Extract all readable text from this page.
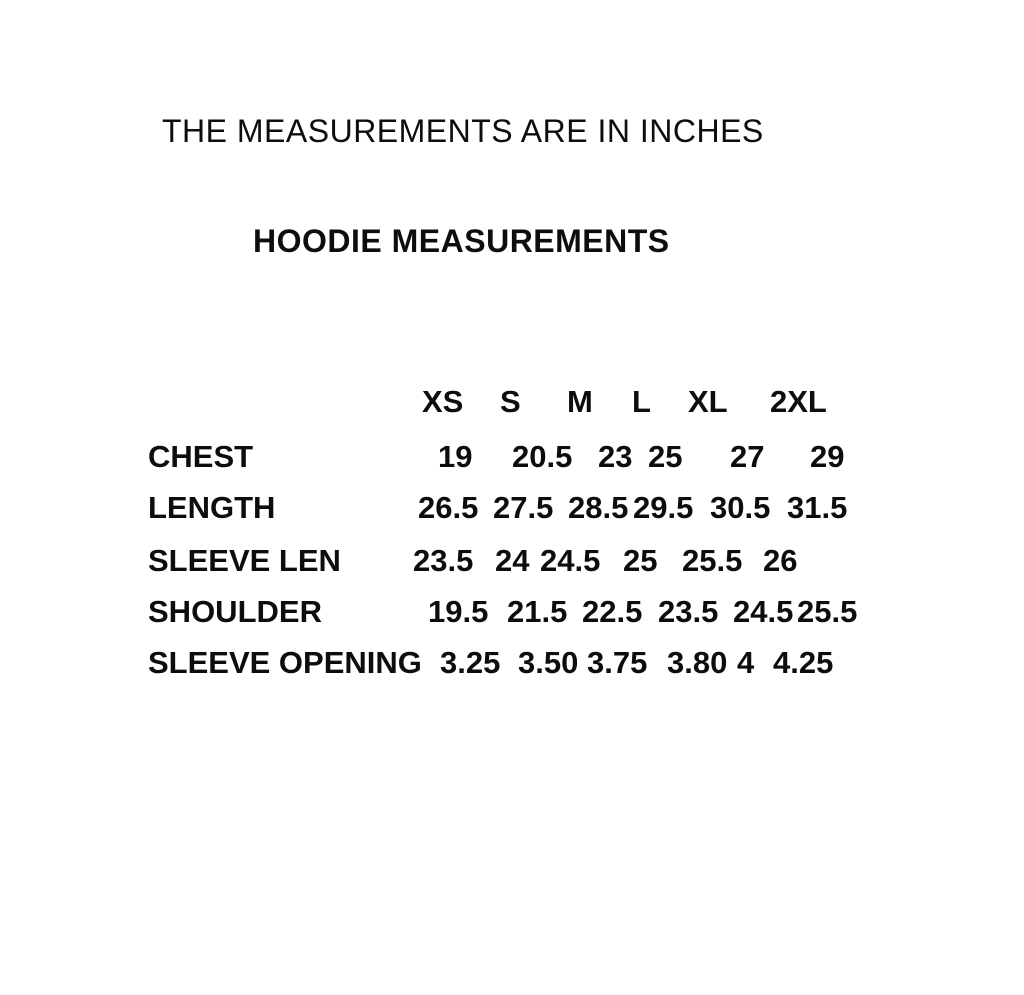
THE MEASUREMENTS ARE IN INCHES
HOODIE MEASUREMENTS
XS S M L XL 2XL
CHEST	19 20.5 23 25 27 29
LENGTH	26.5 27.5 28.5 29.5 30.5 31.5
SLEEVE LEN 23.5 24 24.5 25 25.5 26
SHOULDER	19.5 21.5 22.5 23.5 24.5 25.5
SLEEVE OPENING 3.25 3.50 3.75 3.80 4 4.25
